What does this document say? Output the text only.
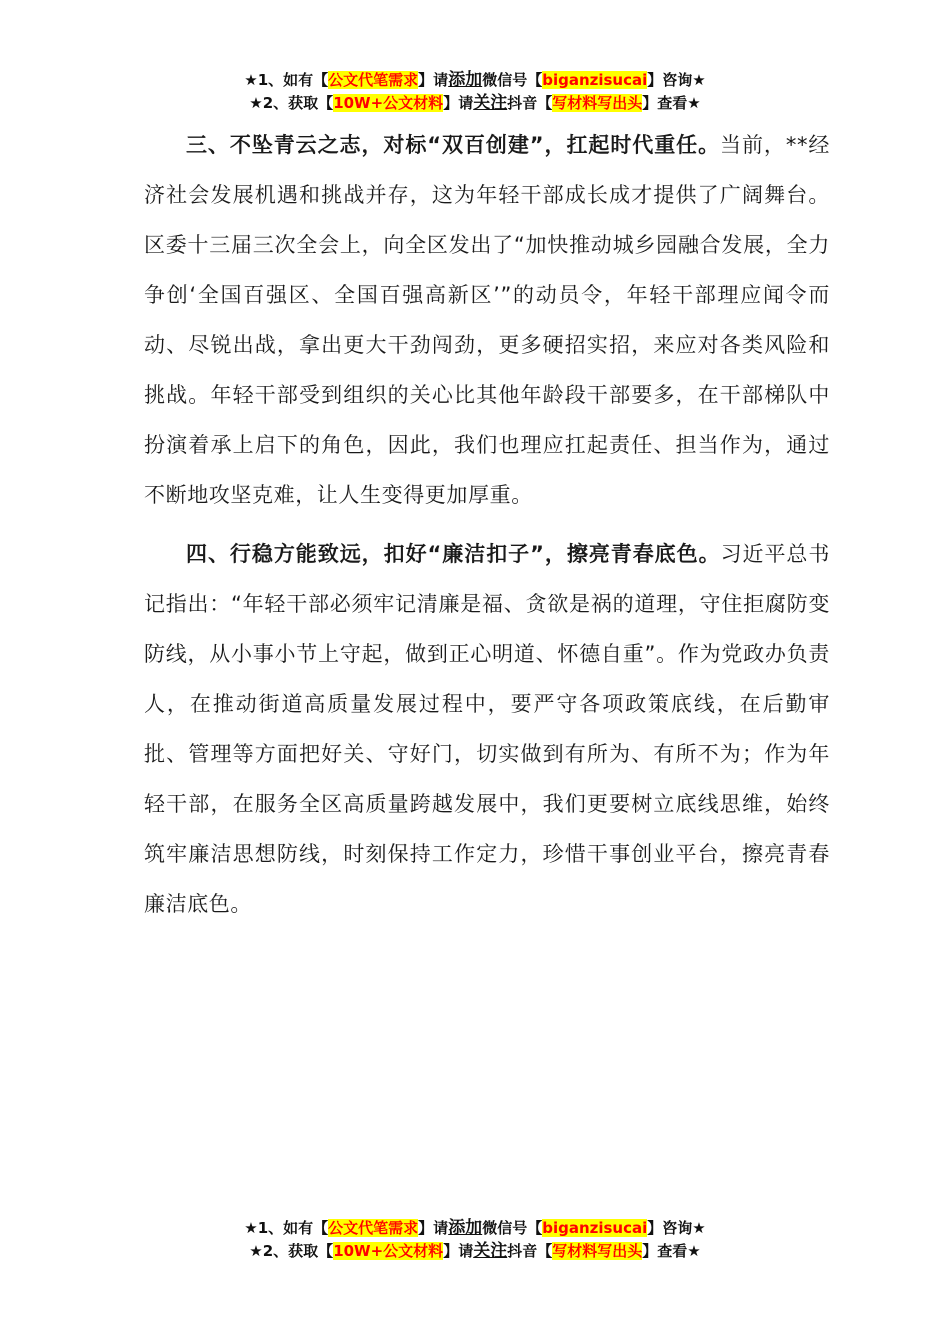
★1、如有【公文代笔需求】请添加微信号【biganzisucai】咨询★
★2、获取【10W+公文材料】请关注抖音【写材料写出头】查看★

三、不坠青云之志，对标“双百创建”，扛起时代重任。当前，**经济社会发展机遇和挑战并存，这为年轻干部成长成才提供了广阔舞台。区委十三届三次全会上，向全区发出了“加快推动城乡园融合发展，全力争创‘全国百强区、全国百强高新区’”的动员令，年轻干部理应闻令而动、尽锐出战，拿出更大干劲闯劲，更多硬招实招，来应对各类风险和挑战。年轻干部受到组织的关心比其他年龄段干部要多，在干部梯队中扮演着承上启下的角色，因此，我们也理应扛起责任、担当作为，通过不断地攻坚克难，让人生变得更加厚重。

四、行稳方能致远，扣好“廉洁扣子”，擦亮青春底色。习近平总书记指出：“年轻干部必须牢记清廉是福、贪欲是祸的道理，守住拒腐防变防线，从小事小节上守起，做到正心明道、怀德自重”。作为党政办负责人，在推动街道高质量发展过程中，要严守各项政策底线，在后勤审批、管理等方面把好关、守好门，切实做到有所为、有所不为；作为年轻干部，在服务全区高质量跨越发展中，我们更要树立底线思维，始终筑牢廉洁思想防线，时刻保持工作定力，珍惜干事创业平台，擦亮青春廉洁底色。

★1、如有【公文代笔需求】请添加微信号【biganzisucai】咨询★
★2、获取【10W+公文材料】请关注抖音【写材料写出头】查看★
